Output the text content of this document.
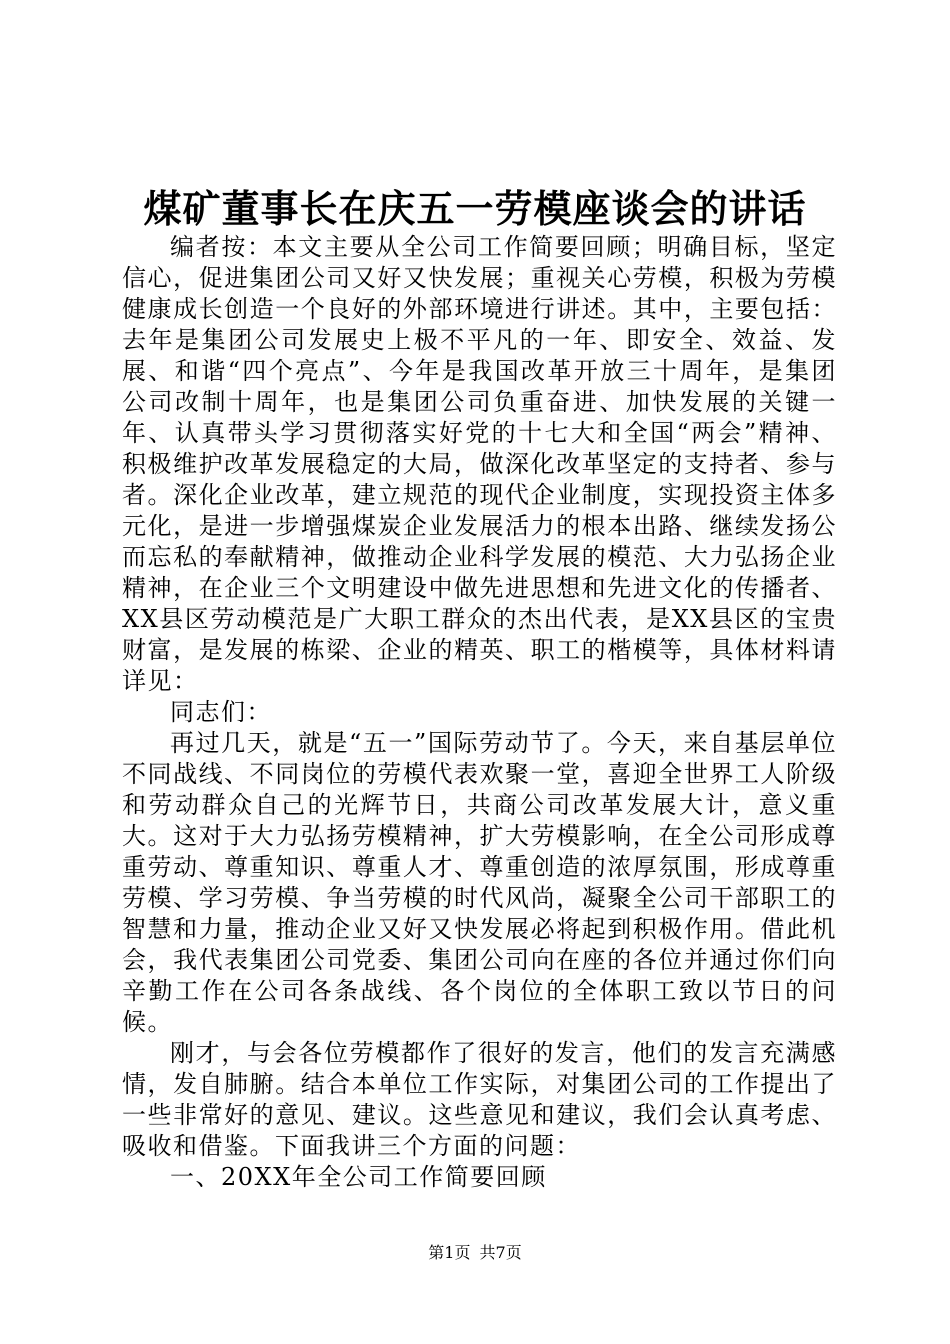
煤矿董事长在庆五一劳模座谈会的讲话

编者按：本文主要从全公司工作简要回顾；明确目标，坚定信心，促进集团公司又好又快发展；重视关心劳模，积极为劳模健康成长创造一个良好的外部环境进行讲述。其中，主要包括：去年是集团公司发展史上极不平凡的一年、即安全、效益、发展、和谐“四个亮点”、今年是我国改革开放三十周年，是集团公司改制十周年，也是集团公司负重奋进、加快发展的关键一年、认真带头学习贯彻落实好党的十七大和全国“两会”精神、积极维护改革发展稳定的大局，做深化改革坚定的支持者、参与者。深化企业改革，建立规范的现代企业制度，实现投资主体多元化，是进一步增强煤炭企业发展活力的根本出路、继续发扬公而忘私的奉献精神，做推动企业科学发展的模范、大力弘扬企业精神，在企业三个文明建设中做先进思想和先进文化的传播者、XX县区劳动模范是广大职工群众的杰出代表，是XX县区的宝贵财富，是发展的栋梁、企业的精英、职工的楷模等，具体材料请详见：

同志们：

再过几天，就是“五一”国际劳动节了。今天，来自基层单位不同战线、不同岗位的劳模代表欢聚一堂，喜迎全世界工人阶级和劳动群众自己的光辉节日，共商公司改革发展大计，意义重大。这对于大力弘扬劳模精神，扩大劳模影响，在全公司形成尊重劳动、尊重知识、尊重人才、尊重创造的浓厚氛围，形成尊重劳模、学习劳模、争当劳模的时代风尚，凝聚全公司干部职工的智慧和力量，推动企业又好又快发展必将起到积极作用。借此机会，我代表集团公司党委、集团公司向在座的各位并通过你们向辛勤工作在公司各条战线、各个岗位的全体职工致以节日的问候。

刚才，与会各位劳模都作了很好的发言，他们的发言充满感情，发自肺腑。结合本单位工作实际，对集团公司的工作提出了一些非常好的意见、建议。这些意见和建议，我们会认真考虑、吸收和借鉴。下面我讲三个方面的问题：

一、20XX年全公司工作简要回顾

第1页 共7页
